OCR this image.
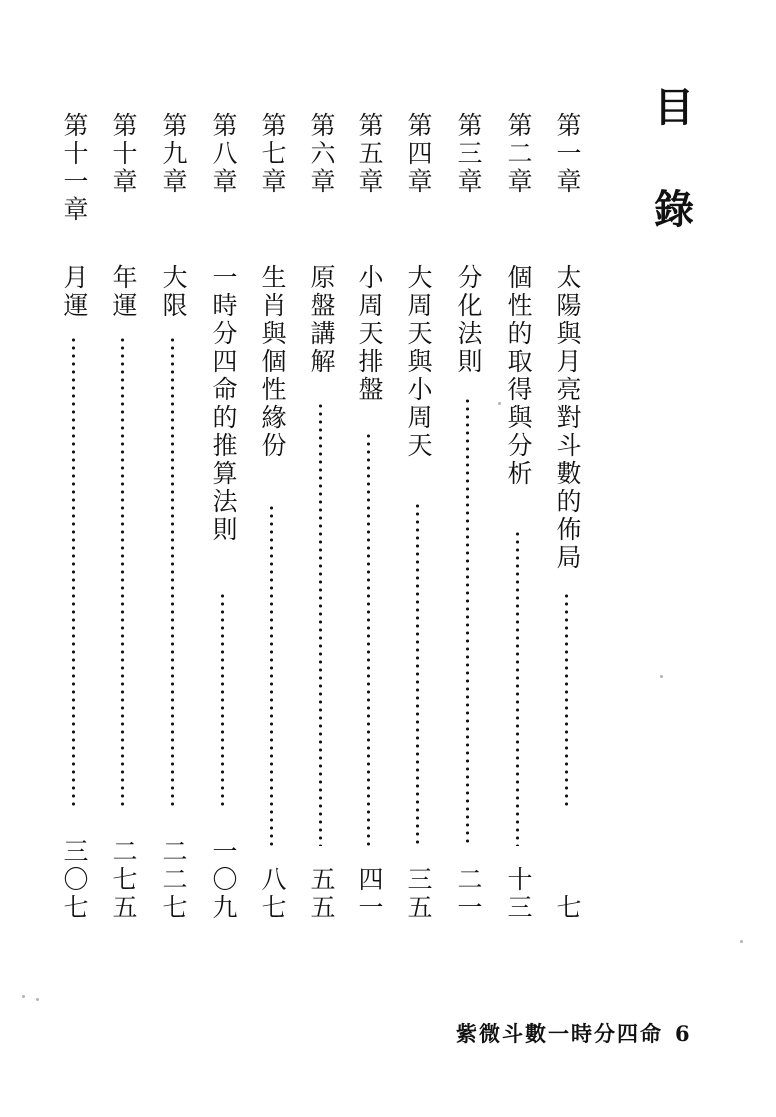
目
錄
第一章
太陽與月亮對斗數的佈局
七
第二章
個性的取得與分析
十三
第三章
分化法則
二一
第四章
大周天與小周天
三五
第五章
小周天排盤
四一
第六章
原盤講解
五五
第七章
生肖與個性緣份
八七
第八章
一時分四命的推算法則
一〇九
第九章
大限
二二七
第十章
年運
二七五
第十一章
月運
三〇七
紫微斗數一時分四命 6
